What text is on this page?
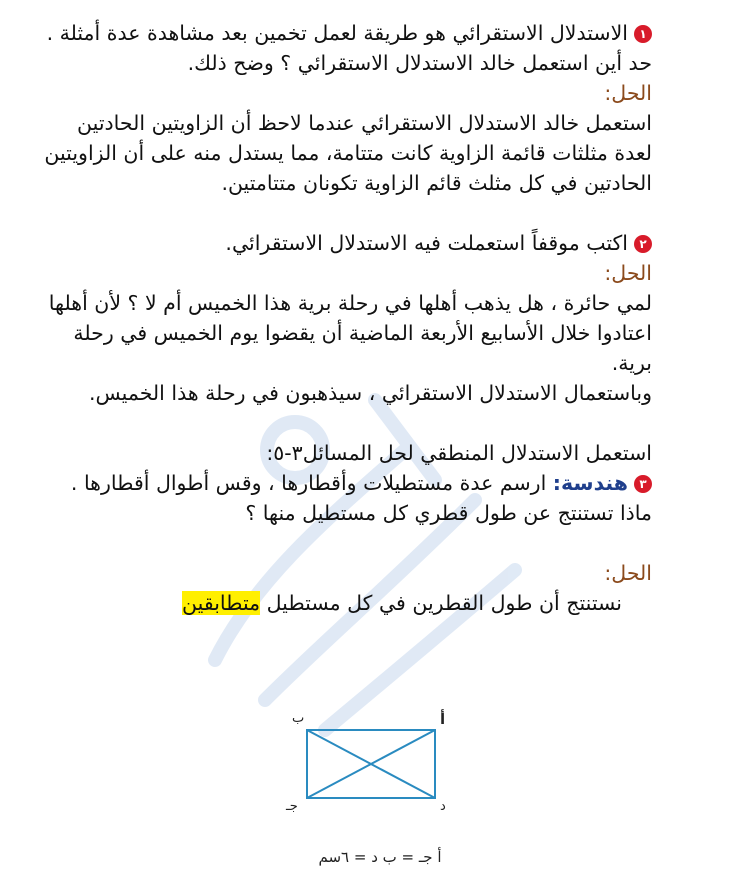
١الاستدلال الاستقرائي هو طريقة لعمل تخمين بعد مشاهدة عدة أمثلة . حد أين استعمل خالد الاستدلال الاستقرائي ؟ وضح ذلك.

الحل:

استعمل خالد الاستدلال الاستقرائي عندما لاحظ أن الزاويتين الحادتين لعدة مثلثات قائمة الزاوية كانت متتامة، مما يستدل منه على أن الزاويتين الحادتين في كل مثلث قائم الزاوية تكونان متتامتين.

٢اكتب موقفاً استعملت فيه الاستدلال الاستقرائي.

الحل:

لمي حائرة ، هل يذهب أهلها في رحلة برية هذا الخميس أم لا ؟ لأن أهلها اعتادوا خلال الأسابيع الأربعة الماضية أن يقضوا يوم الخميس في رحلة برية.

وباستعمال الاستدلال الاستقرائي ، سيذهبون في رحلة هذا الخميس.

استعمل الاستدلال المنطقي لحل المسائل٣-٥:

٣هندسة: ارسم عدة مستطيلات وأقطارها ، وقس أطوال أقطارها . ماذا تستنتج عن طول قطري كل مستطيل منها ؟

الحل:

نستنتج أن طول القطرين في كل مستطيل متطابقين

أ
ب
جـ	د
أ جـ = ب د = ٦سم
